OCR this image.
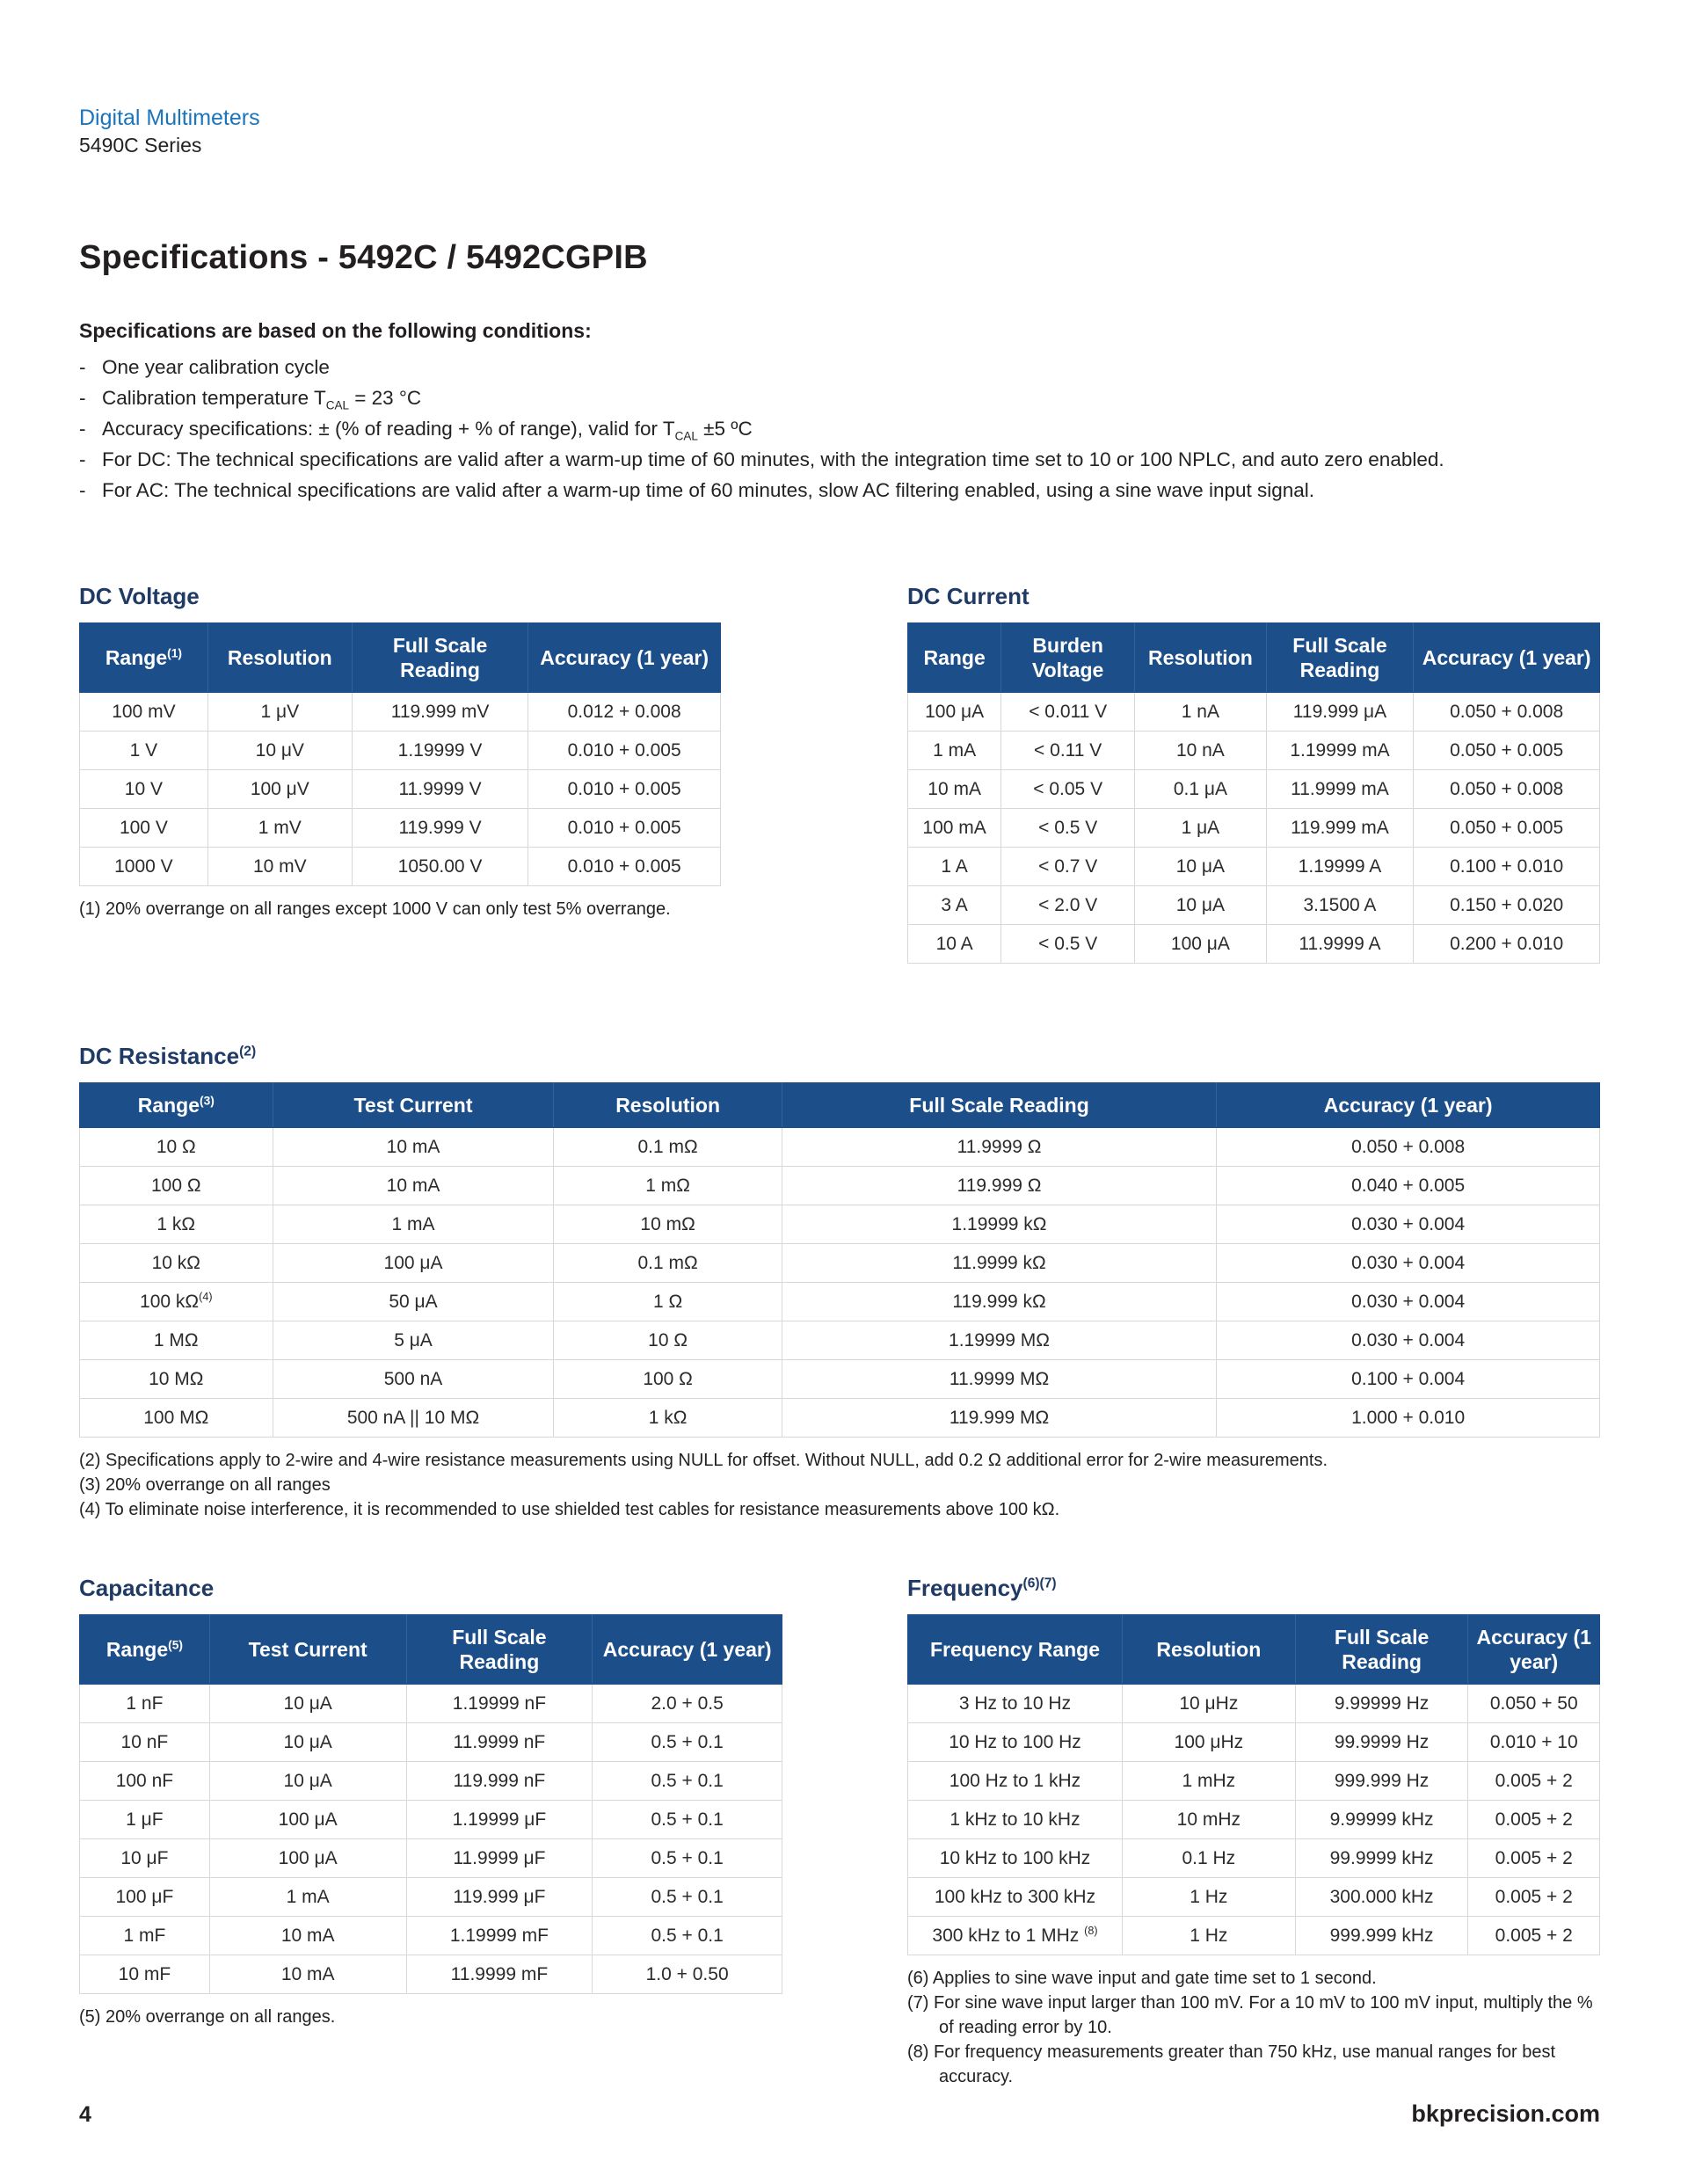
Digital Multimeters
5490C Series
Specifications - 5492C / 5492CGPIB
Specifications are based on the following conditions:
- One year calibration cycle
- Calibration temperature $T_{CAL} = 23$ °C
- Accuracy specifications: ± (% of reading + % of range), valid for $T_{CAL} \pm 5$ ºC
- For DC: The technical specifications are valid after a warm-up time of 60 minutes, with the integration time set to 10 or 100 NPLC, and auto zero enabled.
- For AC: The technical specifications are valid after a warm-up time of 60 minutes, slow AC filtering enabled, using a sine wave input signal.
DC Voltage
Range$^{(1)}$	Resolution	Full Scale Reading	Accuracy (1 year)
100 mV	1 μV	119.999 mV	0.012 + 0.008
1 V	10 μV	1.19999 V	0.010 + 0.005
10 V	100 μV	11.9999 V	0.010 + 0.005
100 V	1 mV	119.999 V	0.010 + 0.005
1000 V	10 mV	1050.00 V	0.010 + 0.005
(1) 20% overrange on all ranges except 1000 V can only test 5% overrange.
DC Current
Range	Burden Voltage	Resolution	Full Scale Reading	Accuracy (1 year)
100 μA	< 0.011 V	1 nA	119.999 μA	0.050 + 0.008
1 mA	< 0.11 V	10 nA	1.19999 mA	0.050 + 0.005
10 mA	< 0.05 V	0.1 μA	11.9999 mA	0.050 + 0.008
100 mA	< 0.5 V	1 μA	119.999 mA	0.050 + 0.005
1 A	< 0.7 V	10 μA	1.19999 A	0.100 + 0.010
3 A	< 2.0 V	10 μA	3.1500 A	0.150 + 0.020
10 A	< 0.5 V	100 μA	11.9999 A	0.200 + 0.010
DC Resistance$^{(2)}$
Range$^{(3)}$	Test Current	Resolution	Full Scale Reading	Accuracy (1 year)
10 Ω	10 mA	0.1 mΩ	11.9999 Ω	0.050 + 0.008
100 Ω	10 mA	1 mΩ	119.999 Ω	0.040 + 0.005
1 kΩ	1 mA	10 mΩ	1.19999 kΩ	0.030 + 0.004
10 kΩ	100 μA	0.1 mΩ	11.9999 kΩ	0.030 + 0.004
100 $k\Omega^{(4)}$	50 μA	1 Ω	119.999 kΩ	0.030 + 0.004
1 MΩ	5 μA	10 Ω	1.19999 MΩ	0.030 + 0.004
10 MΩ	500 nA	100 Ω	11.9999 MΩ	0.100 + 0.004
100 MΩ	500 nA || 10 MΩ	1 kΩ	119.999 MΩ	1.000 + 0.010
(2) Specifications apply to 2-wire and 4-wire resistance measurements using NULL for offset. Without NULL, add 0.2 Ω additional error for 2-wire measurements.
(3) 20% overrange on all ranges
(4) To eliminate noise interference, it is recommended to use shielded test cables for resistance measurements above 100 kΩ.
Capacitance
Range$^{(5)}$	Test Current	Full Scale Reading	Accuracy (1 year)
1 nF	10 μA	1.19999 nF	2.0 + 0.5
10 nF	10 μA	11.9999 nF	0.5 + 0.1
100 nF	10 μA	119.999 nF	0.5 + 0.1
1 μF	100 μA	1.19999 μF	0.5 + 0.1
10 μF	100 μA	11.9999 μF	0.5 + 0.1
100 μF	1 mA	119.999 μF	0.5 + 0.1
1 mF	10 mA	1.19999 mF	0.5 + 0.1
10 mF	10 mA	11.9999 mF	1.0 + 0.50
(5) 20% overrange on all ranges.
Frequency$^{(6)(7)}$
Frequency Range	Resolution	Full Scale Reading	Accuracy (1 year)
3 Hz to 10 Hz	10 μHz	9.99999 Hz	0.050 + 50
10 Hz to 100 Hz	100 μHz	99.9999 Hz	0.010 + 10
100 Hz to 1 kHz	1 mHz	999.999 Hz	0.005 + 2
1 kHz to 10 kHz	10 mHz	9.99999 kHz	0.005 + 2
10 kHz to 100 kHz	0.1 Hz	99.9999 kHz	0.005 + 2
100 kHz to 300 kHz	1 Hz	300.000 kHz	0.005 + 2
300 kHz to 1 MHz $^{(8)}$	1 Hz	999.999 kHz	0.005 + 2
(6) Applies to sine wave input and gate time set to 1 second.
(7) For sine wave input larger than 100 mV. For a 10 mV to 100 mV input, multiply the % of reading error by 10.
(8) For frequency measurements greater than 750 kHz, use manual ranges for best accuracy.
4	bkprecision.com
